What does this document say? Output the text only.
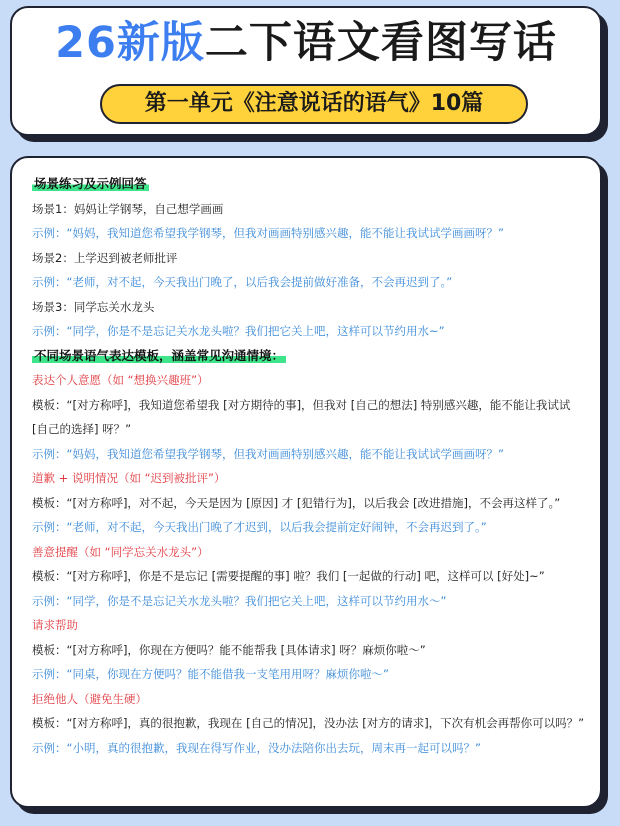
26新版二下语文看图写话
第一单元《注意说话的语气》10篇
场景练习及示例回答
场景1：妈妈让学钢琴，自己想学画画
示例：“妈妈，我知道您希望我学钢琴，但我对画画特别感兴趣，能不能让我试试学画画呀？”
场景2：上学迟到被老师批评
示例：“老师，对不起，今天我出门晚了，以后我会提前做好准备，不会再迟到了。”
场景3：同学忘关水龙头
示例：“同学，你是不是忘记关水龙头啦？我们把它关上吧，这样可以节约用水~”
不同场景语气表达模板，涵盖常见沟通情境：
表达个人意愿（如 “想换兴趣班”）
模板：“[对方称呼]，我知道您希望我 [对方期待的事]，但我对 [自己的想法] 特别感兴趣，能不能让我试试 [自己的选择] 呀？”
示例：“妈妈，我知道您希望我学钢琴，但我对画画特别感兴趣，能不能让我试试学画画呀？”
道歉 + 说明情况（如 “迟到被批评”）
模板：“[对方称呼]，对不起，今天是因为 [原因] 才 [犯错行为]，以后我会 [改进措施]，不会再这样了。”
示例：“老师，对不起，今天我出门晚了才迟到，以后我会提前定好闹钟，不会再迟到了。”
善意提醒（如 “同学忘关水龙头”）
模板：“[对方称呼]，你是不是忘记 [需要提醒的事] 啦？我们 [一起做的行动] 吧，这样可以 [好处]~”
示例：“同学，你是不是忘记关水龙头啦？我们把它关上吧，这样可以节约用水～”
请求帮助
模板：“[对方称呼]，你现在方便吗？能不能帮我 [具体请求] 呀？麻烦你啦～”
示例：“同桌，你现在方便吗？能不能借我一支笔用用呀？麻烦你啦～”
拒绝他人（避免生硬）
模板：“[对方称呼]，真的很抱歉，我现在 [自己的情况]，没办法 [对方的请求]，下次有机会再帮你可以吗？”
示例：“小明，真的很抱歉，我现在得写作业，没办法陪你出去玩，周末再一起可以吗？”
